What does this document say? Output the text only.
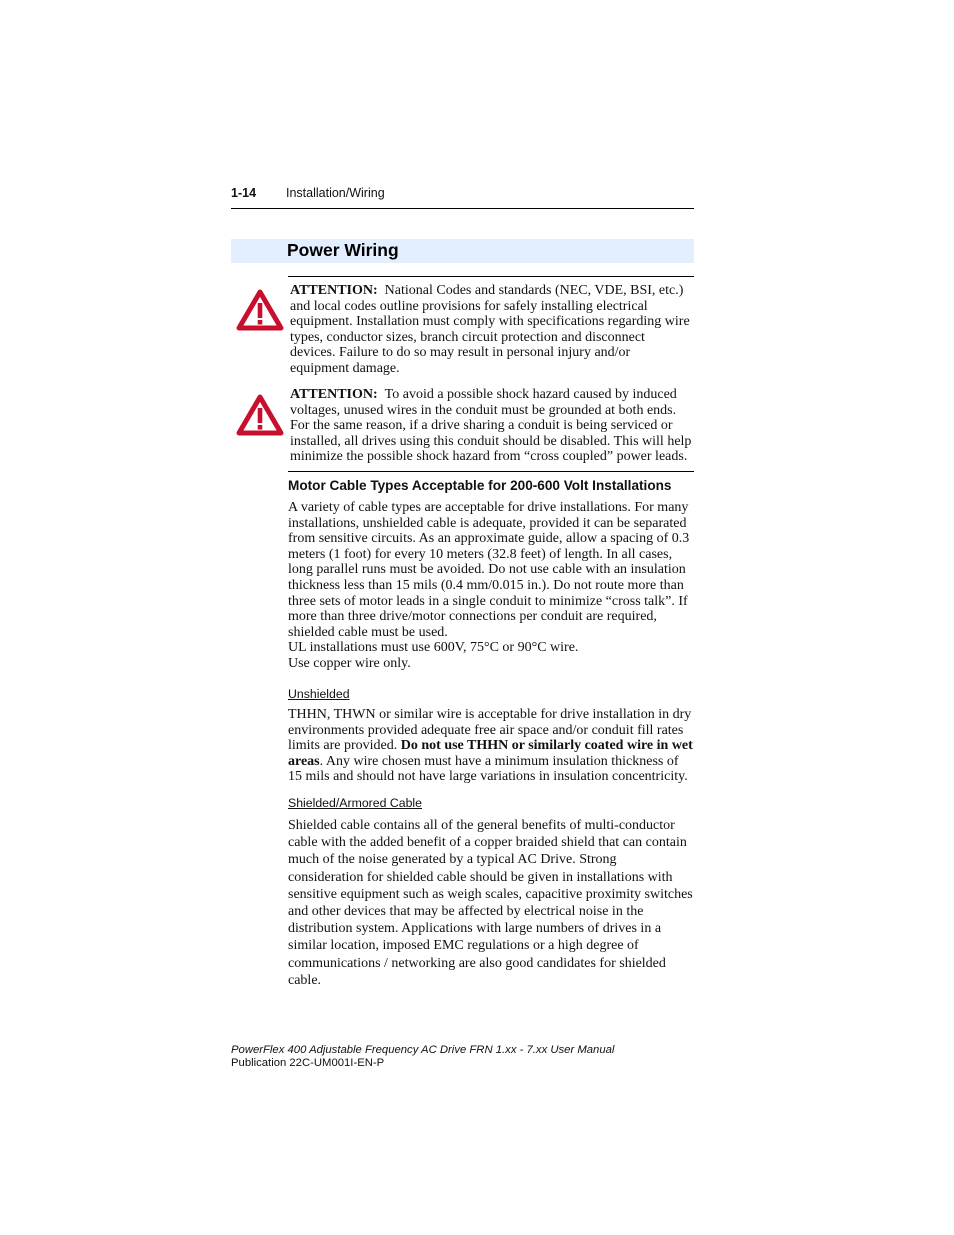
1-14 Installation/Wiring
Power Wiring
ATTENTION: National Codes and standards (NEC, VDE, BSI, etc.) and local codes outline provisions for safely installing electrical equipment. Installation must comply with specifications regarding wire types, conductor sizes, branch circuit protection and disconnect devices. Failure to do so may result in personal injury and/or equipment damage.
ATTENTION: To avoid a possible shock hazard caused by induced voltages, unused wires in the conduit must be grounded at both ends. For the same reason, if a drive sharing a conduit is being serviced or installed, all drives using this conduit should be disabled. This will help minimize the possible shock hazard from “cross coupled” power leads.
Motor Cable Types Acceptable for 200-600 Volt Installations
A variety of cable types are acceptable for drive installations. For many installations, unshielded cable is adequate, provided it can be separated from sensitive circuits. As an approximate guide, allow a spacing of 0.3 meters (1 foot) for every 10 meters (32.8 feet) of length. In all cases, long parallel runs must be avoided. Do not use cable with an insulation thickness less than 15 mils (0.4 mm/0.015 in.). Do not route more than three sets of motor leads in a single conduit to minimize “cross talk”. If more than three drive/motor connections per conduit are required, shielded cable must be used.
UL installations must use 600V, 75°C or 90°C wire.
Use copper wire only.
Unshielded
THHN, THWN or similar wire is acceptable for drive installation in dry environments provided adequate free air space and/or conduit fill rates limits are provided. Do not use THHN or similarly coated wire in wet areas. Any wire chosen must have a minimum insulation thickness of 15 mils and should not have large variations in insulation concentricity.
Shielded/Armored Cable
Shielded cable contains all of the general benefits of multi-conductor cable with the added benefit of a copper braided shield that can contain much of the noise generated by a typical AC Drive. Strong consideration for shielded cable should be given in installations with sensitive equipment such as weigh scales, capacitive proximity switches and other devices that may be affected by electrical noise in the distribution system. Applications with large numbers of drives in a similar location, imposed EMC regulations or a high degree of communications / networking are also good candidates for shielded cable.
PowerFlex 400 Adjustable Frequency AC Drive FRN 1.xx - 7.xx User Manual
Publication 22C-UM001I-EN-P
